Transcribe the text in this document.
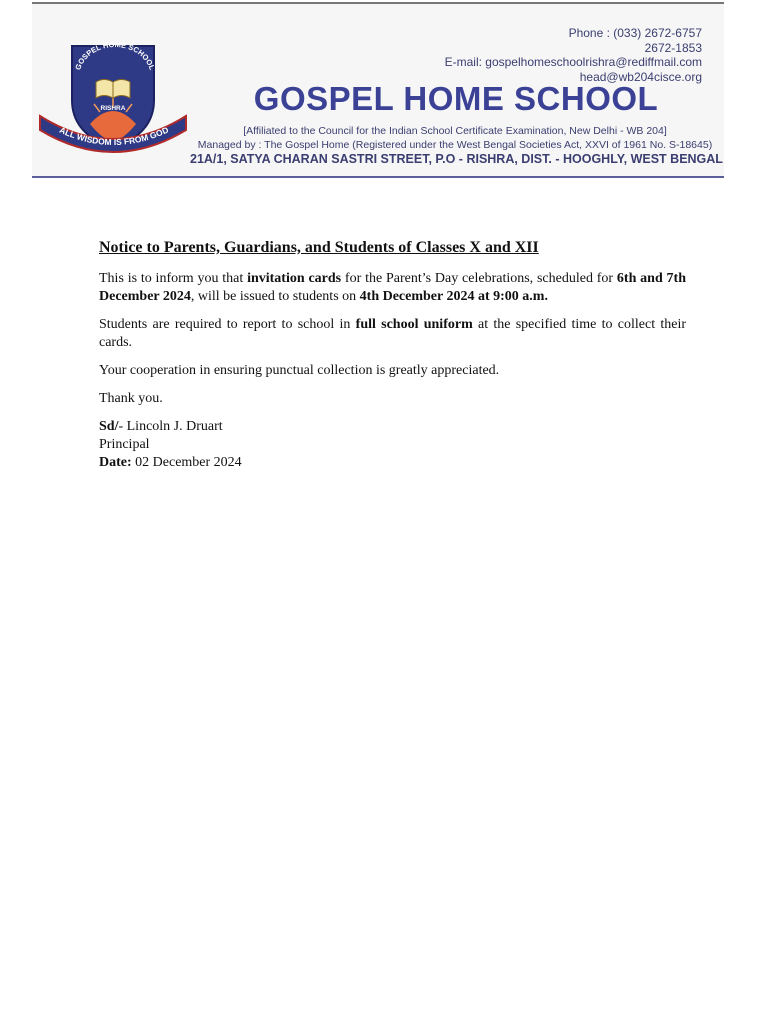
GOSPEL HOME SCHOOL
RISHRA
ALL WISDOM IS FROM GOD
Phone : (033) 2672-6757
2672-1853
E-mail: gospelhomeschoolrishra@rediffmail.com
head@wb204cisce.org
GOSPEL HOME SCHOOL
[Affiliated to the Council for the Indian School Certificate Examination, New Delhi - WB 204]
Managed by : The Gospel Home (Registered under the West Bengal Societies Act, XXVI of 1961 No. S-18645)
21A/1, SATYA CHARAN SASTRI STREET, P.O - RISHRA, DIST. - HOOGHLY, WEST BENGAL
Notice to Parents, Guardians, and Students of Classes X and XII

This is to inform you that invitation cards for the Parent’s Day celebrations, scheduled for 6th and 7th December 2024, will be issued to students on 4th December 2024 at 9:00 a.m.

Students are required to report to school in full school uniform at the specified time to collect their cards.

Your cooperation in ensuring punctual collection is greatly appreciated.

Thank you.

Sd/- Lincoln J. Druart
Principal
Date: 02 December 2024
